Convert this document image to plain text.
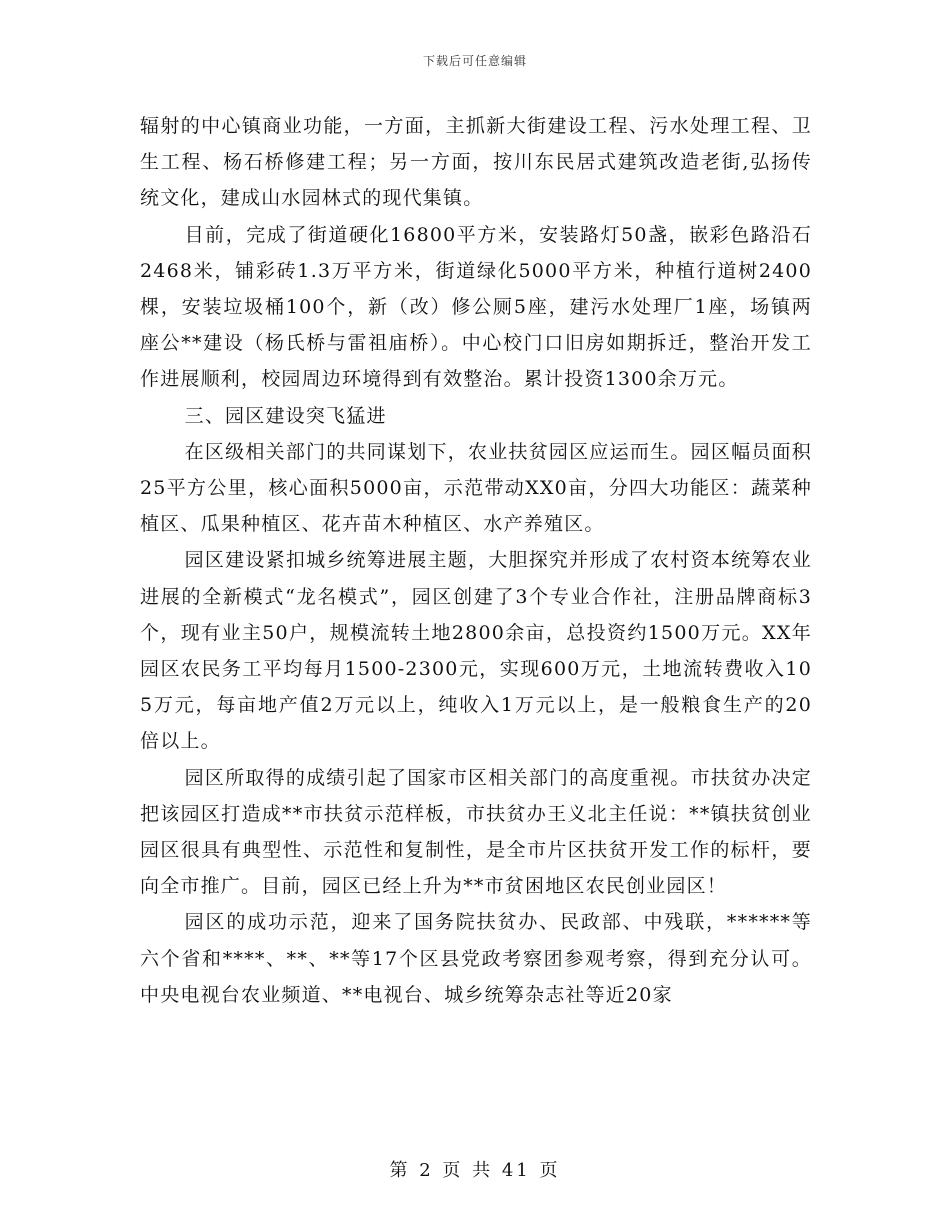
下载后可任意编辑

辐射的中心镇商业功能，一方面，主抓新大街建设工程、污水处理工程、卫生工程、杨石桥修建工程；另一方面，按川东民居式建筑改造老街,弘扬传统文化，建成山水园林式的现代集镇。

目前，完成了街道硬化16800平方米，安装路灯50盏，嵌彩色路沿石2468米，铺彩砖1.3万平方米，街道绿化5000平方米，种植行道树2400棵，安装垃圾桶100个，新（改）修公厕5座，建污水处理厂1座，场镇两座公**建设（杨氏桥与雷祖庙桥）。中心校门口旧房如期拆迁，整治开发工作进展顺利，校园周边环境得到有效整治。累计投资1300余万元。

三、园区建设突飞猛进

在区级相关部门的共同谋划下，农业扶贫园区应运而生。园区幅员面积25平方公里，核心面积5000亩，示范带动XX0亩，分四大功能区：蔬菜种植区、瓜果种植区、花卉苗木种植区、水产养殖区。

园区建设紧扣城乡统筹进展主题，大胆探究并形成了农村资本统筹农业进展的全新模式“龙名模式”，园区创建了3个专业合作社，注册品牌商标3个，现有业主50户，规模流转土地2800余亩，总投资约1500万元。XX年园区农民务工平均每月1500-2300元，实现600万元，土地流转费收入105万元，每亩地产值2万元以上，纯收入1万元以上，是一般粮食生产的20倍以上。

园区所取得的成绩引起了国家市区相关部门的高度重视。市扶贫办决定把该园区打造成**市扶贫示范样板，市扶贫办王义北主任说：**镇扶贫创业园区很具有典型性、示范性和复制性，是全市片区扶贫开发工作的标杆，要向全市推广。目前，园区已经上升为**市贫困地区农民创业园区！

园区的成功示范，迎来了国务院扶贫办、民政部、中残联，******等六个省和****、**、**等17个区县党政考察团参观考察，得到充分认可。中央电视台农业频道、**电视台、城乡统筹杂志社等近20家

第 2 页 共 41 页
